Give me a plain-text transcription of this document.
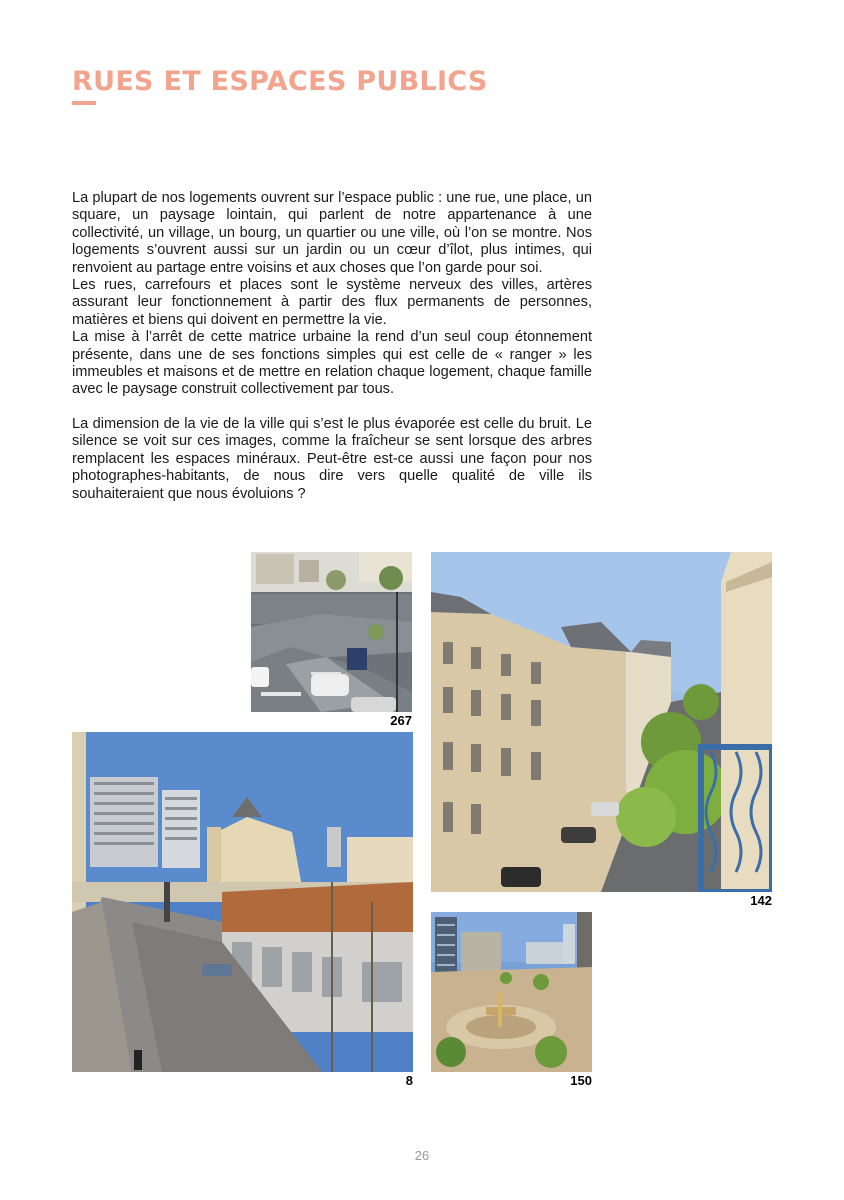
RUES ET ESPACES PUBLICS

La plupart de nos logements ouvrent sur l’espace public : une rue, une place, un square, un paysage lointain, qui parlent de notre appartenance à une collectivité, un village, un bourg, un quartier ou une ville, où l’on se montre. Nos logements s’ouvrent aussi sur un jardin ou un cœur d’îlot, plus intimes, qui renvoient au partage entre voisins et aux choses que l’on garde pour soi.

Les rues, carrefours et places sont le système nerveux des villes, artères assurant leur fonctionnement à partir des flux permanents de personnes, matières et biens qui doivent en permettre la vie.

La mise à l’arrêt de cette matrice urbaine la rend d’un seul coup étonnement présente, dans une de ses fonctions simples qui est celle de « ranger » les immeubles et maisons et de mettre en relation chaque logement, chaque famille avec le paysage construit collectivement par tous.

La dimension de la vie de la ville qui s’est le plus évaporée est celle du bruit. Le silence se voit sur ces images, comme la fraîcheur se sent lorsque des arbres remplacent les espaces minéraux. Peut-être est-ce aussi une façon pour nos photographes-habitants, de nous dire vers quelle qualité de ville ils souhaiteraient que nous évoluions ?

267
142
8	150
26
